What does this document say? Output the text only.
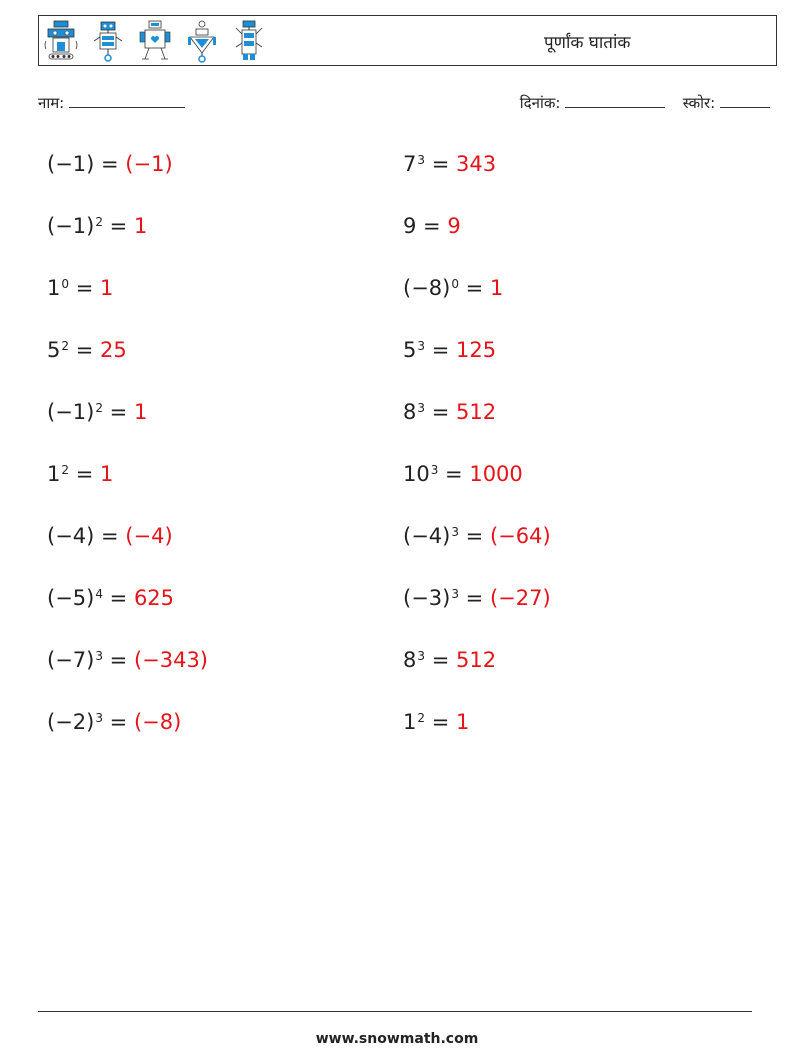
पूर्णांक घातांक
नाम:	दिनांक:	स्कोर:
(−1) = (−1)	$7^3 = 343$
$(-1)^2 = 1$	9 = 9
$1^0 = 1$	$(-8)^0 = 1$
$5^2 = 25$	$5^3 = 125$
$(-1)^2 = 1$	$8^3 = 512$
$1^2 = 1$	$10^3 = 1000$
(−4) = (−4)	$(-4)^3 = (-64)$
$(-5)^4 = 625$	$(-3)^3 = (-27)$
$(-7)^3 = (-343)$	$8^3 = 512$
$(-2)^3 = (-8)$	$1^2 = 1$
www.snowmath.com
